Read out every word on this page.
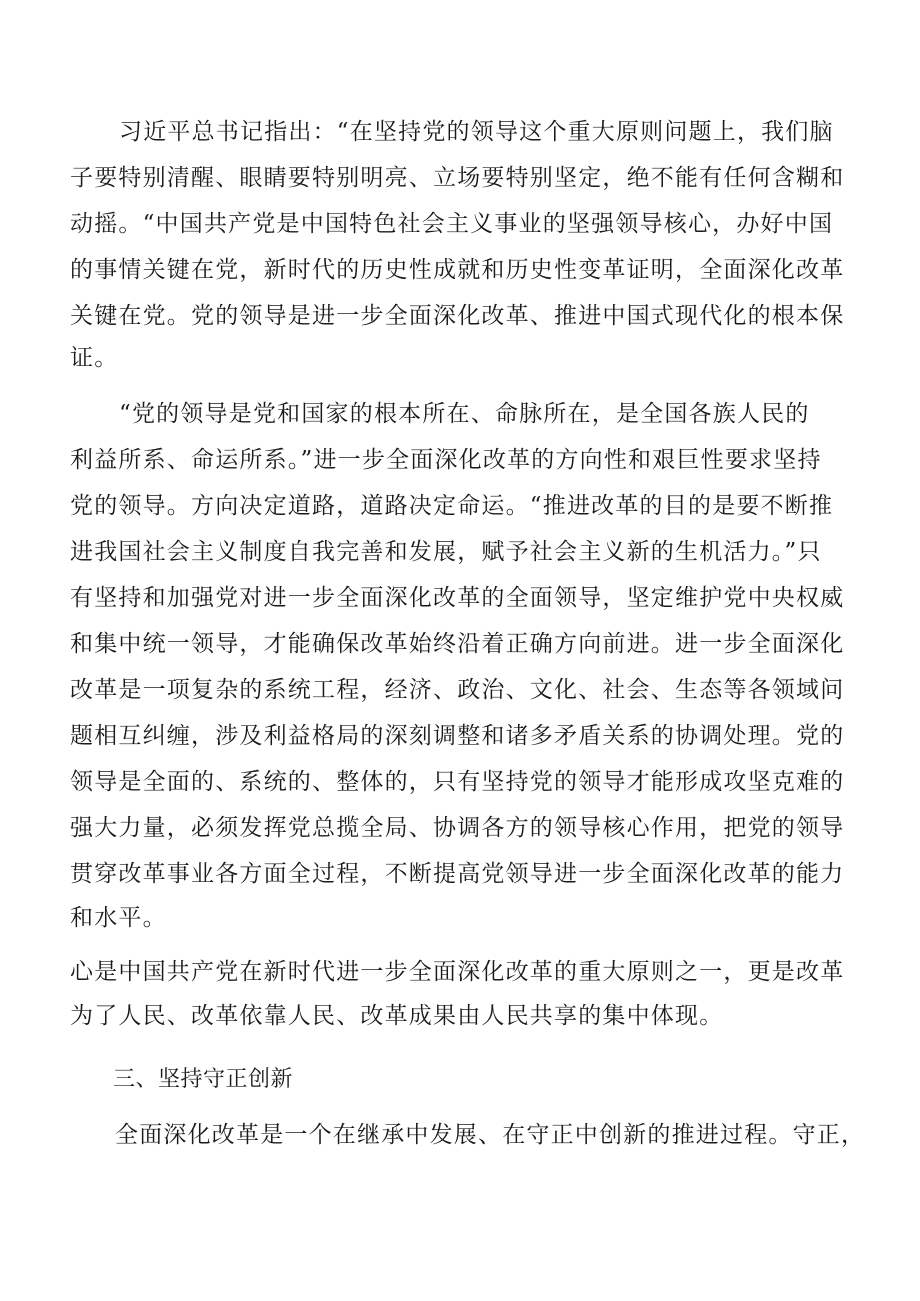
习近平总书记指出：“在坚持党的领导这个重大原则问题上，我们脑
子要特别清醒、眼睛要特别明亮、立场要特别坚定，绝不能有任何含糊和
动摇。“中国共产党是中国特色社会主义事业的坚强领导核心，办好中国
的事情关键在党，新时代的历史性成就和历史性变革证明，全面深化改革
关键在党。党的领导是进一步全面深化改革、推进中国式现代化的根本保
证。
“党的领导是党和国家的根本所在、命脉所在，是全国各族人民的
利益所系、命运所系。”进一步全面深化改革的方向性和艰巨性要求坚持
党的领导。方向决定道路，道路决定命运。“推进改革的目的是要不断推
进我国社会主义制度自我完善和发展，赋予社会主义新的生机活力。”只
有坚持和加强党对进一步全面深化改革的全面领导，坚定维护党中央权威
和集中统一领导，才能确保改革始终沿着正确方向前进。进一步全面深化
改革是一项复杂的系统工程，经济、政治、文化、社会、生态等各领域问
题相互纠缠，涉及利益格局的深刻调整和诸多矛盾关系的协调处理。党的
领导是全面的、系统的、整体的，只有坚持党的领导才能形成攻坚克难的
强大力量，必须发挥党总揽全局、协调各方的领导核心作用，把党的领导
贯穿改革事业各方面全过程，不断提高党领导进一步全面深化改革的能力
和水平。
心是中国共产党在新时代进一步全面深化改革的重大原则之一，更是改革
为了人民、改革依靠人民、改革成果由人民共享的集中体现。
三、坚持守正创新
全面深化改革是一个在继承中发展、在守正中创新的推进过程。守正，
